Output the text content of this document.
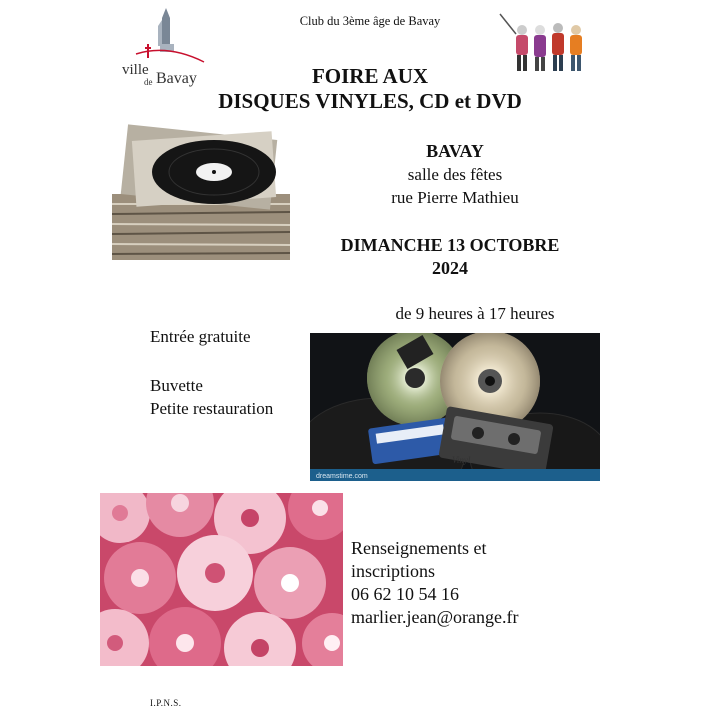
ville
de Bavay
Club du 3ème âge de Bavay
FOIRE AUX
DISQUES VINYLES, CD et DVD
BAVAY
salle des fêtes
rue Pierre Mathieu
DIMANCHE 13 OCTOBRE
2024
de 9 heures à 17 heures
Entrée gratuite
Buvette
Petite restauration
dreamstime.com
Vinyl
Renseignements et
inscriptions
06 62 10 54 16
marlier.jean@orange.fr
I.P.N.S.
